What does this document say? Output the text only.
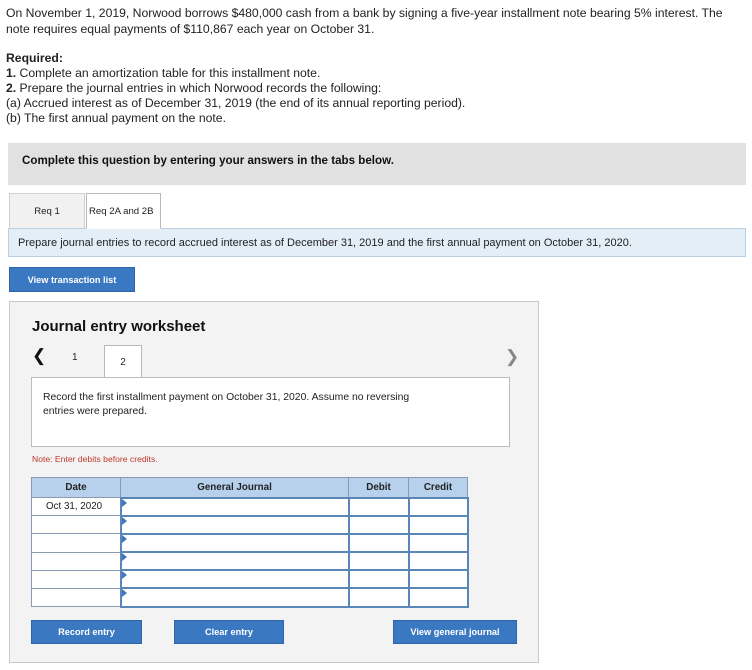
On November 1, 2019, Norwood borrows $480,000 cash from a bank by signing a five-year installment note bearing 5% interest. The note requires equal payments of $110,867 each year on October 31.
Required:
1. Complete an amortization table for this installment note.
2. Prepare the journal entries in which Norwood records the following:
(a) Accrued interest as of December 31, 2019 (the end of its annual reporting period).
(b) The first annual payment on the note.
Complete this question by entering your answers in the tabs below.
Req 1	Req 2A and 2B
Prepare journal entries to record accrued interest as of December 31, 2019 and the first annual payment on October 31, 2020.
View transaction list
Journal entry worksheet
❮	1	2	❯
Record the first installment payment on October 31, 2020. Assume no reversing entries were prepared.
Note: Enter debits before credits.
Date	General Journal	Debit	Credit
Oct 31, 2020			

Record entry	Clear entry	View general journal
